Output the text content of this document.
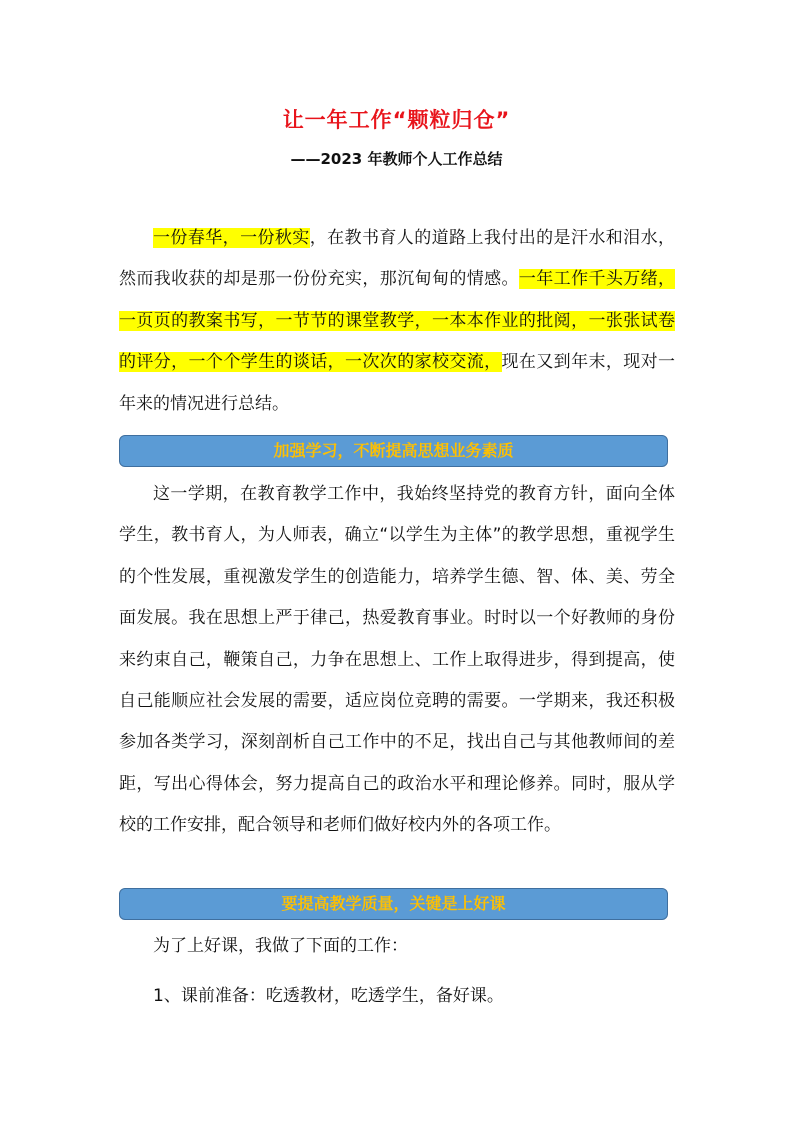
让一年工作“颗粒归仓”
——2023 年教师个人工作总结

一份春华，一份秋实，在教书育人的道路上我付出的是汗水和泪水，然而我收获的却是那一份份充实，那沉甸甸的情感。一年工作千头万绪，一页页的教案书写，一节节的课堂教学，一本本作业的批阅，一张张试卷的评分，一个个学生的谈话，一次次的家校交流，现在又到年末，现对一年来的情况进行总结。

加强学习，不断提高思想业务素质

这一学期，在教育教学工作中，我始终坚持党的教育方针，面向全体学生，教书育人，为人师表，确立“以学生为主体”的教学思想，重视学生的个性发展，重视激发学生的创造能力，培养学生德、智、体、美、劳全面发展。我在思想上严于律己，热爱教育事业。时时以一个好教师的身份来约束自己，鞭策自己，力争在思想上、工作上取得进步，得到提高，使自己能顺应社会发展的需要，适应岗位竞聘的需要。一学期来，我还积极参加各类学习，深刻剖析自己工作中的不足，找出自己与其他教师间的差距，写出心得体会，努力提高自己的政治水平和理论修养。同时，服从学校的工作安排，配合领导和老师们做好校内外的各项工作。

要提高教学质量，关键是上好课

为了上好课，我做了下面的工作：

1、课前准备：吃透教材，吃透学生，备好课。
